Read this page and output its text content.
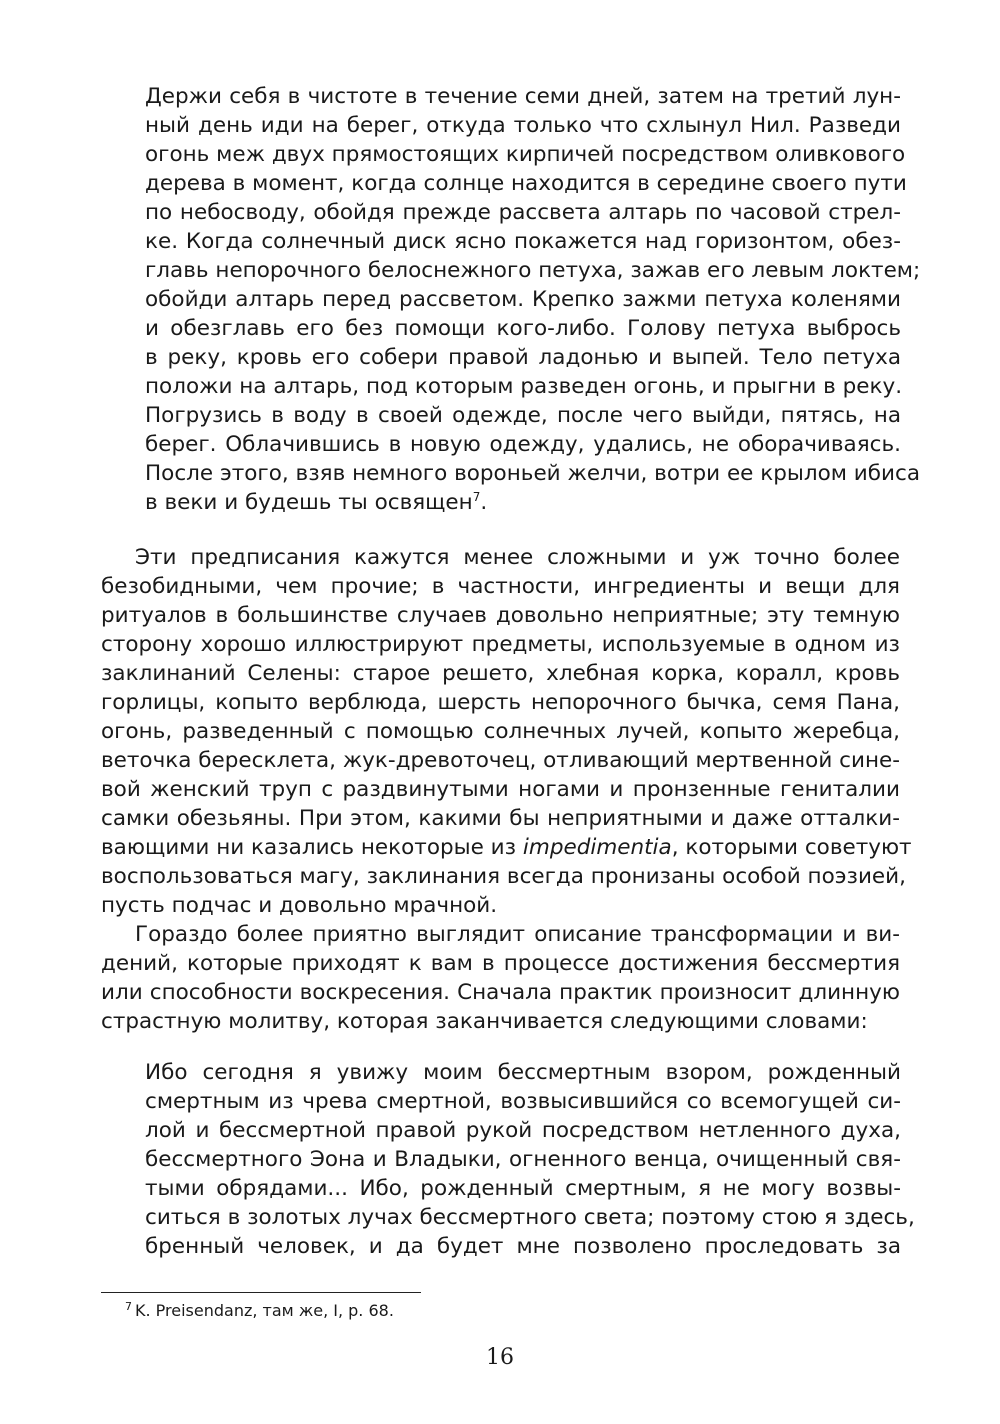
Держи себя в чистоте в течение семи дней, затем на третий лун-
ный день иди на берег, откуда только что схлынул Нил. Разведи
огонь меж двух прямостоящих кирпичей посредством оливкового
дерева в момент, когда солнце находится в середине своего пути
по небосводу, обойдя прежде рассвета алтарь по часовой стрел-
ке. Когда солнечный диск ясно покажется над горизонтом, обез-
главь непорочного белоснежного петуха, зажав его левым локтем;
обойди алтарь перед рассветом. Крепко зажми петуха коленями
и обезглавь его без помощи кого-либо. Голову петуха выбрось
в реку, кровь его собери правой ладонью и выпей. Тело петуха
положи на алтарь, под которым разведен огонь, и прыгни в реку.
Погрузись в воду в своей одежде, после чего выйди, пятясь, на
берег. Облачившись в новую одежду, удались, не оборачиваясь.
После этого, взяв немного вороньей желчи, вотри ее крылом ибиса
в веки и будешь ты освящен$^7$.
Эти предписания кажутся менее сложными и уж точно более
безобидными, чем прочие; в частности, ингредиенты и вещи для
ритуалов в большинстве случаев довольно неприятные; эту темную
сторону хорошо иллюстрируют предметы, используемые в одном из
заклинаний Селены: старое решето, хлебная корка, коралл, кровь
горлицы, копыто верблюда, шерсть непорочного бычка, семя Пана,
огонь, разведенный с помощью солнечных лучей, копыто жеребца,
веточка бересклета, жук-древоточец, отливающий мертвенной сине-
вой женский труп с раздвинутыми ногами и пронзенные гениталии
самки обезьяны. При этом, какими бы неприятными и даже отталки-
вающими ни казались некоторые из impedimentia, которыми советуют
воспользоваться магу, заклинания всегда пронизаны особой поэзией,
пусть подчас и довольно мрачной.
Гораздо более приятно выглядит описание трансформации и ви-
дений, которые приходят к вам в процессе достижения бессмертия
или способности воскресения. Сначала практик произносит длинную
страстную молитву, которая заканчивается следующими словами:
Ибо сегодня я увижу моим бессмертным взором, рожденный
смертным из чрева смертной, возвысившийся со всемогущей си-
лой и бессмертной правой рукой посредством нетленного духа,
бессмертного Эона и Владыки, огненного венца, очищенный свя-
тыми обрядами... Ибо, рожденный смертным, я не могу возвы-
ситься в золотых лучах бессмертного света; поэтому стою я здесь,
бренный человек, и да будет мне позволено проследовать за
$^7$ K. Preisendanz, там же, I, p. 68.
16
